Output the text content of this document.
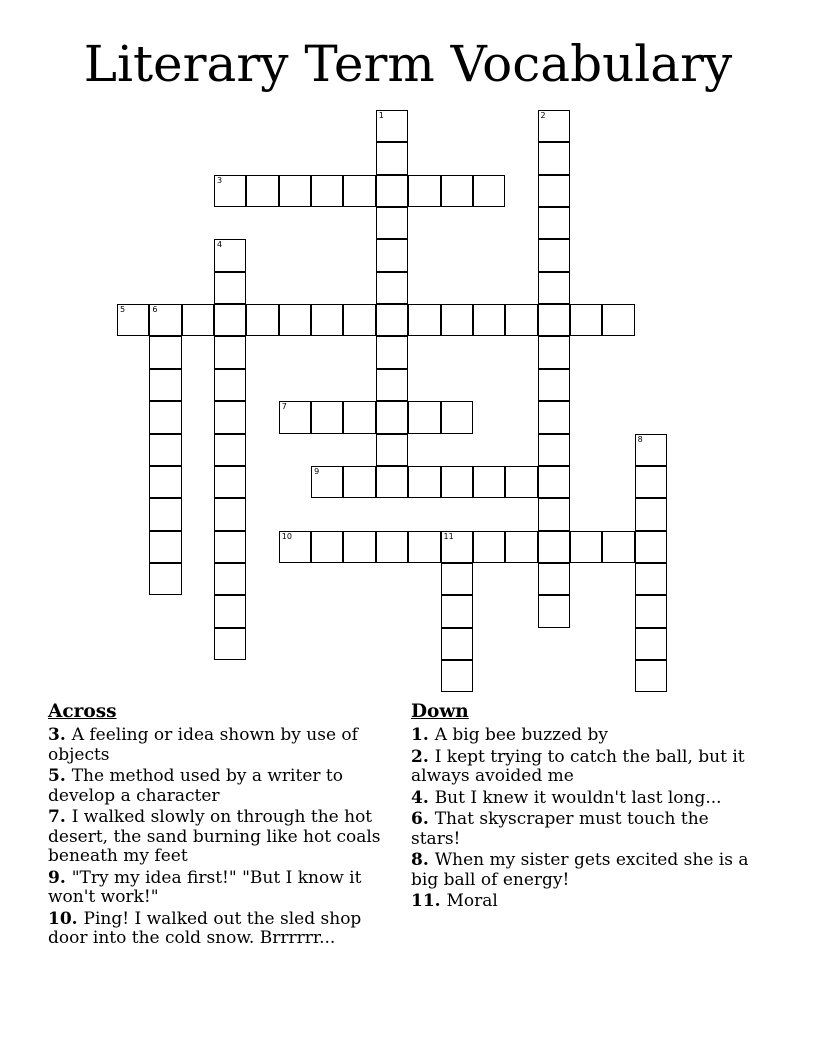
Literary Term Vocabulary
1	2
3
4
5	6
7
8
9
10	11
Across
3. A feeling or idea shown by use of objects
5. The method used by a writer to develop a character
7. I walked slowly on through the hot desert, the sand burning like hot coals beneath my feet
9. "Try my idea first!" "But I know it won't work!"
10. Ping! I walked out the sled shop door into the cold snow. Brrrrrr...
Down
1. A big bee buzzed by
2. I kept trying to catch the ball, but it always avoided me
4. But I knew it wouldn't last long...
6. That skyscraper must touch the stars!
8. When my sister gets excited she is a big ball of energy!
11. Moral
